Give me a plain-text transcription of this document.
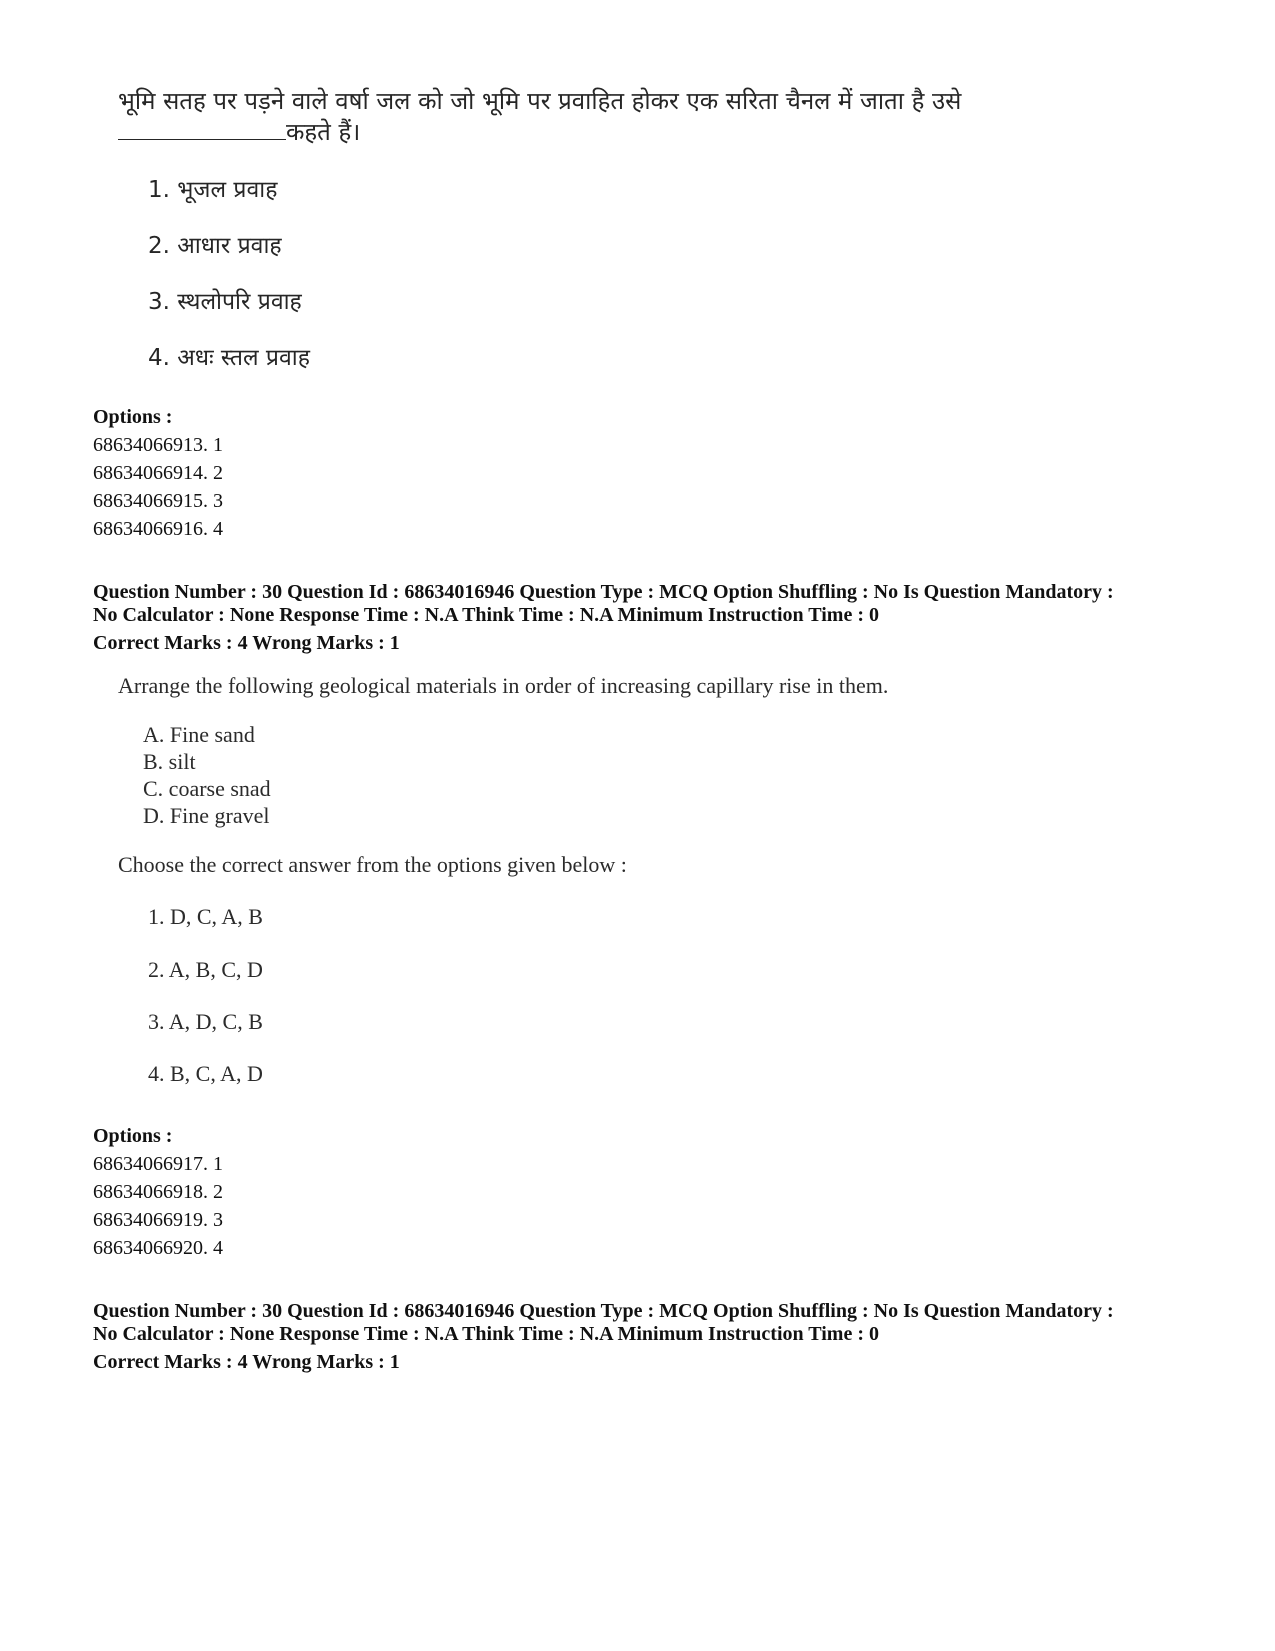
भूमि सतह पर पड़ने वाले वर्षा जल को जो भूमि पर प्रवाहित होकर एक सरिता चैनल में जाता है उसे
कहते हैं।
1. भूजल प्रवाह
2. आधार प्रवाह
3. स्थलोपरि प्रवाह
4. अधः स्तल प्रवाह
Options :
68634066913. 1
68634066914. 2
68634066915. 3
68634066916. 4
Question Number : 30 Question Id : 68634016946 Question Type : MCQ Option Shuffling : No Is Question Mandatory :
No Calculator : None Response Time : N.A Think Time : N.A Minimum Instruction Time : 0
Correct Marks : 4 Wrong Marks : 1
Arrange the following geological materials in order of increasing capillary rise in them.
A. Fine sand
B. silt
C. coarse snad
D. Fine gravel
Choose the correct answer from the options given below :
1. D, C, A, B
2. A, B, C, D
3. A, D, C, B
4. B, C, A, D
Options :
68634066917. 1
68634066918. 2
68634066919. 3
68634066920. 4
Question Number : 30 Question Id : 68634016946 Question Type : MCQ Option Shuffling : No Is Question Mandatory :
No Calculator : None Response Time : N.A Think Time : N.A Minimum Instruction Time : 0
Correct Marks : 4 Wrong Marks : 1
